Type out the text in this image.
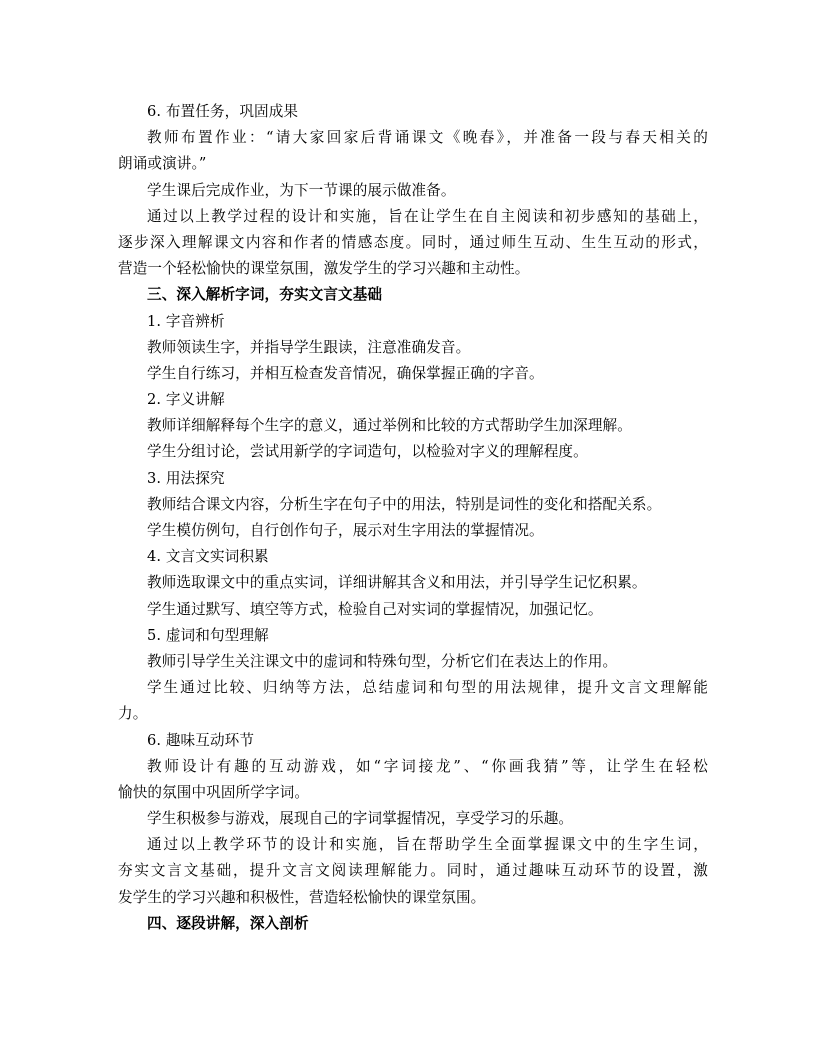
6. 布置任务，巩固成果

教师布置作业：“请大家回家后背诵课文《晚春》，并准备一段与春天相关的

朗诵或演讲。”

学生课后完成作业，为下一节课的展示做准备。

通过以上教学过程的设计和实施，旨在让学生在自主阅读和初步感知的基础上，

逐步深入理解课文内容和作者的情感态度。同时，通过师生互动、生生互动的形式，

营造一个轻松愉快的课堂氛围，激发学生的学习兴趣和主动性。

三、深入解析字词，夯实文言文基础

1. 字音辨析

教师领读生字，并指导学生跟读，注意准确发音。

学生自行练习，并相互检查发音情况，确保掌握正确的字音。

2. 字义讲解

教师详细解释每个生字的意义，通过举例和比较的方式帮助学生加深理解。

学生分组讨论，尝试用新学的字词造句，以检验对字义的理解程度。

3. 用法探究

教师结合课文内容，分析生字在句子中的用法，特别是词性的变化和搭配关系。

学生模仿例句，自行创作句子，展示对生字用法的掌握情况。

4. 文言文实词积累

教师选取课文中的重点实词，详细讲解其含义和用法，并引导学生记忆积累。

学生通过默写、填空等方式，检验自己对实词的掌握情况，加强记忆。

5. 虚词和句型理解

教师引导学生关注课文中的虚词和特殊句型，分析它们在表达上的作用。

学生通过比较、归纳等方法，总结虚词和句型的用法规律，提升文言文理解能

力。

6. 趣味互动环节

教师设计有趣的互动游戏，如“字词接龙”、“你画我猜”等，让学生在轻松

愉快的氛围中巩固所学字词。

学生积极参与游戏，展现自己的字词掌握情况，享受学习的乐趣。

通过以上教学环节的设计和实施，旨在帮助学生全面掌握课文中的生字生词，

夯实文言文基础，提升文言文阅读理解能力。同时，通过趣味互动环节的设置，激

发学生的学习兴趣和积极性，营造轻松愉快的课堂氛围。

四、逐段讲解，深入剖析
